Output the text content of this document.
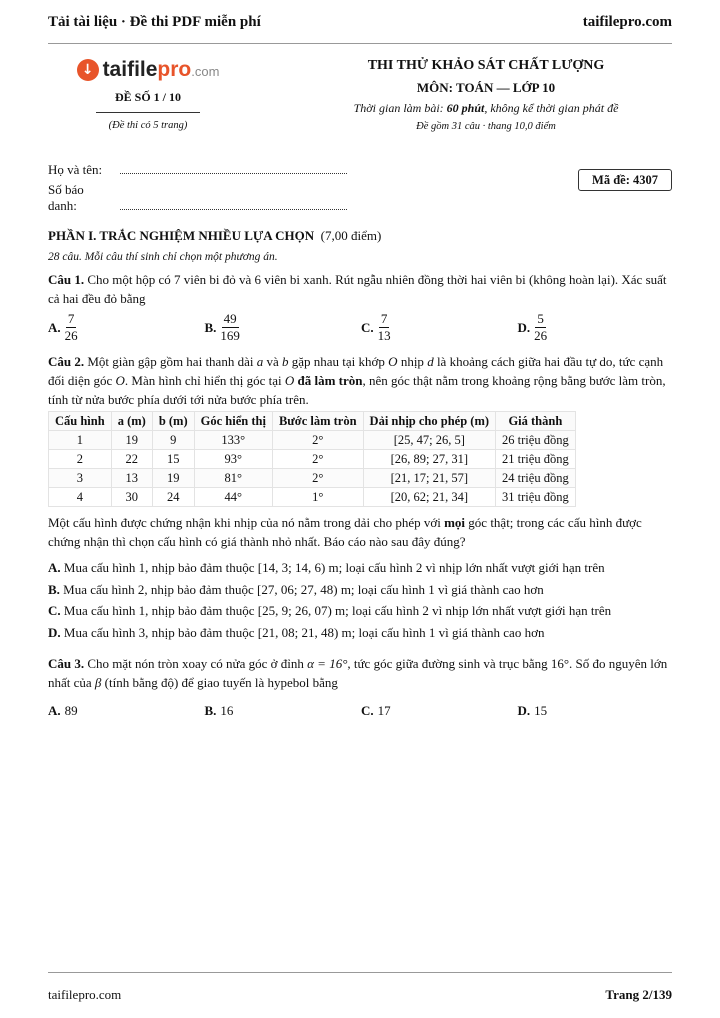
Tải tài liệu · Đề thi PDF miễn phí	taifilepro.com
↓ taifilepro.com
ĐỀ SỐ 1 / 10
(Đề thi có 5 trang)
THI THỬ KHẢO SÁT CHẤT LƯỢNG
MÔN: TOÁN — LỚP 10
Thời gian làm bài: 60 phút, không kể thời gian phát đề
Đề gồm 31 câu · thang 10,0 điểm
Họ và tên:
Số báo danh:
Mã đề: 4307
PHẦN I. TRẮC NGHIỆM NHIỀU LỰA CHỌN (7,00 điểm)
28 câu. Mỗi câu thí sinh chỉ chọn một phương án.
Câu 1. Cho một hộp có 7 viên bi đỏ và 6 viên bi xanh. Rút ngẫu nhiên đồng thời hai viên bi (không hoàn lại). Xác suất cả hai đều đỏ bằng
A. $\frac{7}{26}$	B. $\frac{49}{169}$	C. $\frac{7}{13}$	D. $\frac{5}{26}$
Câu 2. Một giàn gập gồm hai thanh dài a và b gặp nhau tại khớp O nhịp d là khoảng cách giữa hai đầu tự do, tức cạnh đối diện góc O. Màn hình chỉ hiển thị góc tại O đã làm tròn, nên góc thật nằm trong khoảng rộng bằng bước làm tròn, tính từ nửa bước phía dưới tới nửa bước phía trên.
Cấu hình	a (m)	b (m)	Góc hiển thị	Bước làm tròn	Dải nhịp cho phép (m)	Giá thành
1	19	9	133°	2°	[25, 47; 26, 5]	26 triệu đồng
2	22	15	93°	2°	[26, 89; 27, 31]	21 triệu đồng
3	13	19	81°	2°	[21, 17; 21, 57]	24 triệu đồng
4	30	24	44°	1°	[20, 62; 21, 34]	31 triệu đồng
Một cấu hình được chứng nhận khi nhịp của nó nằm trong dải cho phép với mọi góc thật; trong các cấu hình được chứng nhận thì chọn cấu hình có giá thành nhỏ nhất. Báo cáo nào sau đây đúng?
A. Mua cấu hình 1, nhịp bảo đảm thuộc [14, 3; 14, 6) m; loại cấu hình 2 vì nhịp lớn nhất vượt giới hạn trên
B. Mua cấu hình 2, nhịp bảo đảm thuộc [27, 06; 27, 48) m; loại cấu hình 1 vì giá thành cao hơn
C. Mua cấu hình 1, nhịp bảo đảm thuộc [25, 9; 26, 07) m; loại cấu hình 2 vì nhịp lớn nhất vượt giới hạn trên
D. Mua cấu hình 3, nhịp bảo đảm thuộc [21, 08; 21, 48) m; loại cấu hình 1 vì giá thành cao hơn
Câu 3. Cho mặt nón tròn xoay có nửa góc ở đỉnh α = 16°, tức góc giữa đường sinh và trục bằng 16°. Số đo nguyên lớn nhất của β (tính bằng độ) để giao tuyến là hypebol bằng
A. 89	B. 16	C. 17	D. 15
taifilepro.com	Trang 2/139
